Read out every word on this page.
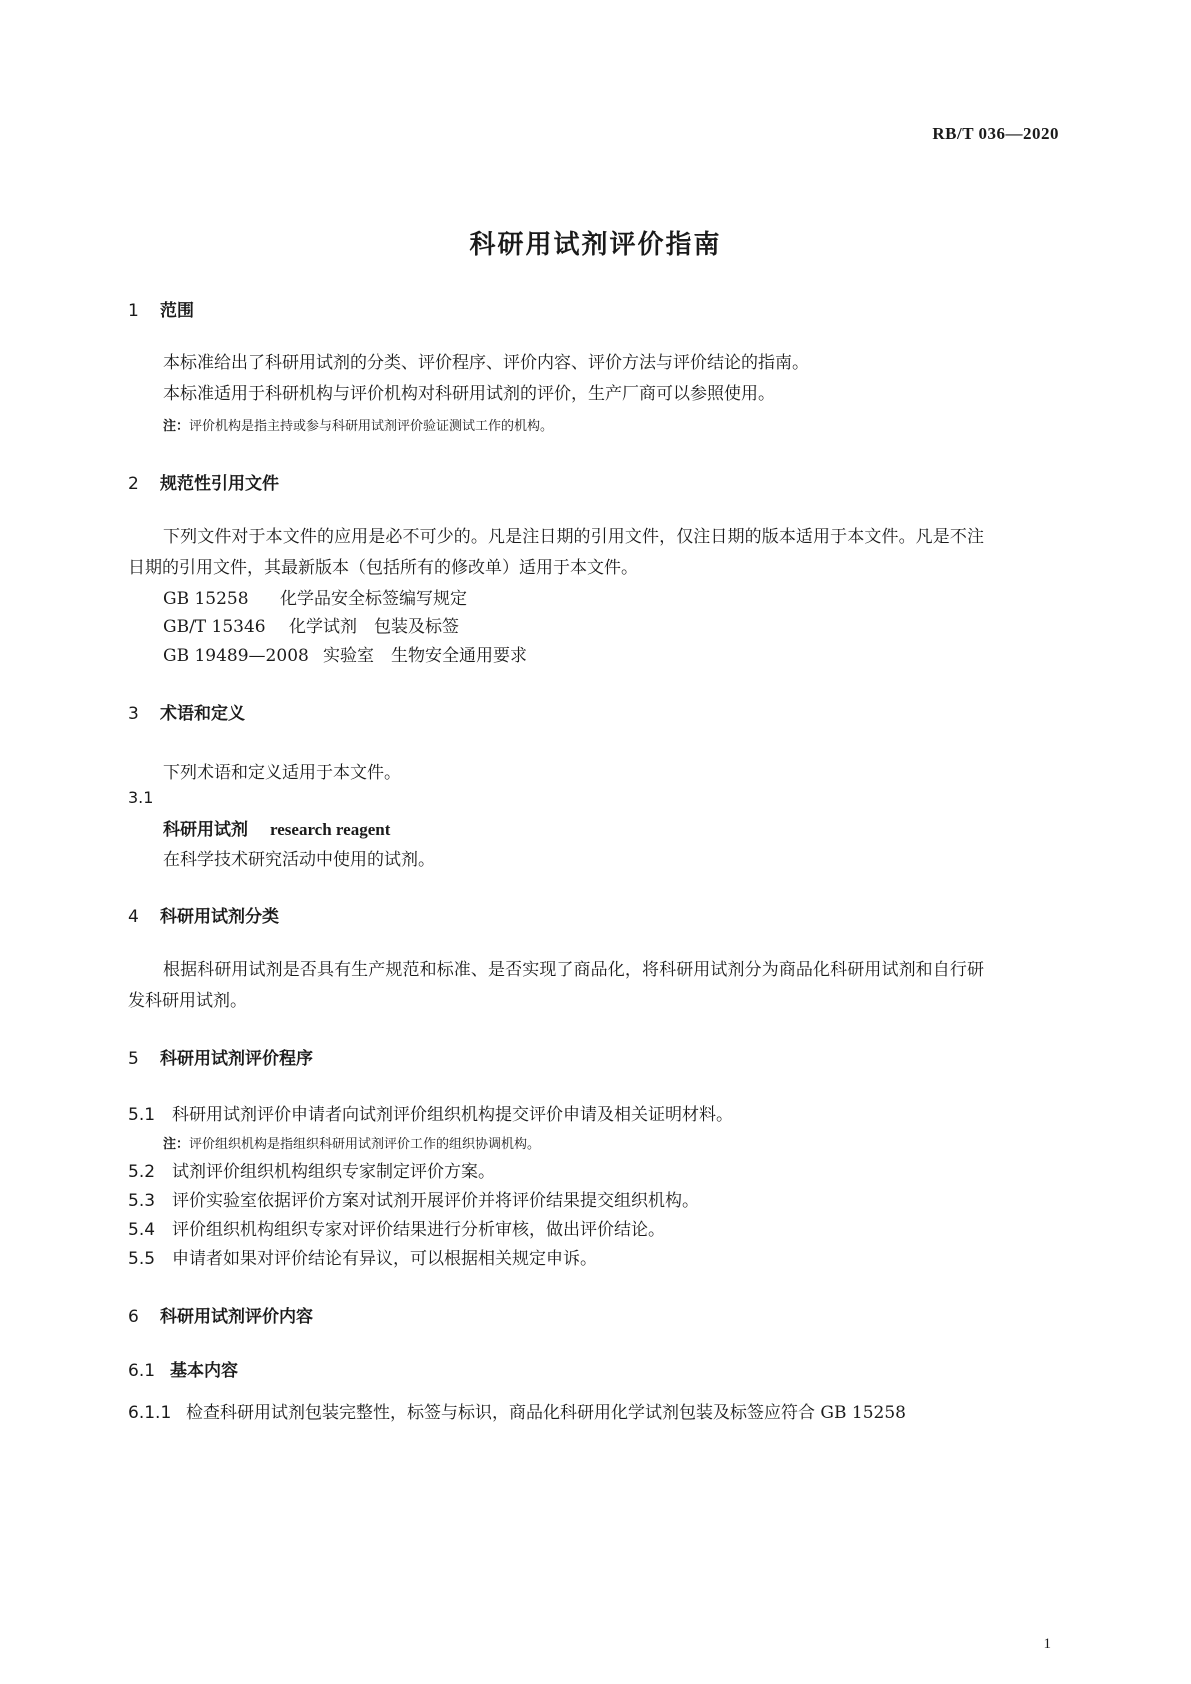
RB/T 036—2020
科研用试剂评价指南
1 范围
本标准给出了科研用试剂的分类、评价程序、评价内容、评价方法与评价结论的指南。
本标准适用于科研机构与评价机构对科研用试剂的评价，生产厂商可以参照使用。
注：评价机构是指主持或参与科研用试剂评价验证测试工作的机构。
2 规范性引用文件
下列文件对于本文件的应用是必不可少的。凡是注日期的引用文件，仅注日期的版本适用于本文件。凡是不注日期的引用文件，其最新版本（包括所有的修改单）适用于本文件。
GB 15258 化学品安全标签编写规定
GB/T 15346 化学试剂　包装及标签
GB 19489—2008 实验室　生物安全通用要求
3 术语和定义
下列术语和定义适用于本文件。
3.1
科研用试剂 research reagent
在科学技术研究活动中使用的试剂。
4 科研用试剂分类
根据科研用试剂是否具有生产规范和标准、是否实现了商品化，将科研用试剂分为商品化科研用试剂和自行研发科研用试剂。
5 科研用试剂评价程序
5.1 科研用试剂评价申请者向试剂评价组织机构提交评价申请及相关证明材料。
注：评价组织机构是指组织科研用试剂评价工作的组织协调机构。
5.2 试剂评价组织机构组织专家制定评价方案。
5.3 评价实验室依据评价方案对试剂开展评价并将评价结果提交组织机构。
5.4 评价组织机构组织专家对评价结果进行分析审核，做出评价结论。
5.5 申请者如果对评价结论有异议，可以根据相关规定申诉。
6 科研用试剂评价内容
6.1 基本内容
6.1.1 检查科研用试剂包装完整性，标签与标识，商品化科研用化学试剂包装及标签应符合 GB 15258
1
